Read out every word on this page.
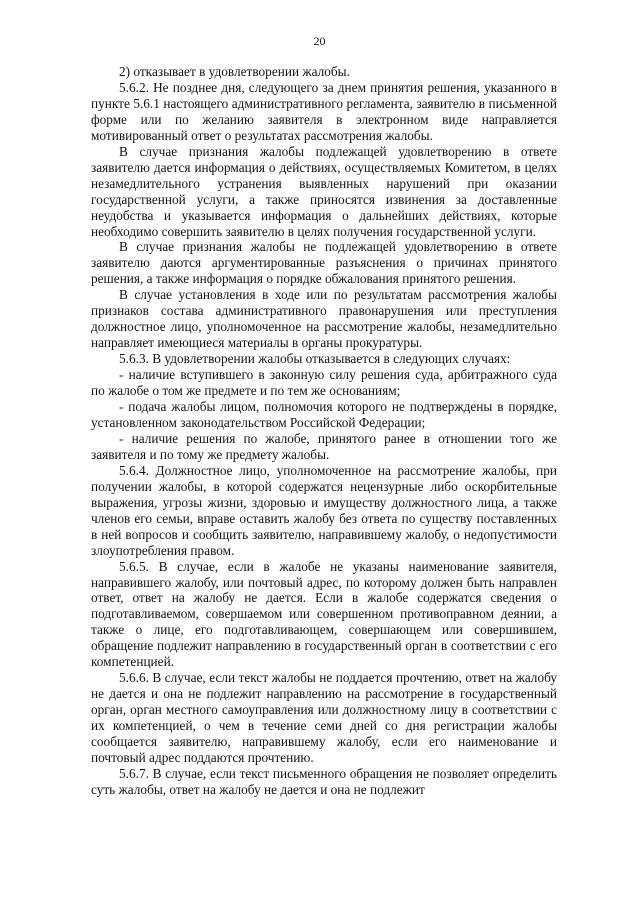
20

2) отказывает в удовлетворении жалобы.

5.6.2. Не позднее дня, следующего за днем принятия решения, указанного в пункте 5.6.1 настоящего административного регламента, заявителю в письменной форме или по желанию заявителя в электронном виде направляется мотивированный ответ о результатах рассмотрения жалобы.

В случае признания жалобы подлежащей удовлетворению в ответе заявителю дается информация о действиях, осуществляемых Комитетом, в целях незамедлительного устранения выявленных нарушений при оказании государственной услуги, а также приносятся извинения за доставленные неудобства и указывается информация о дальнейших действиях, которые необходимо совершить заявителю в целях получения государственной услуги.

В случае признания жалобы не подлежащей удовлетворению в ответе заявителю даются аргументированные разъяснения о причинах принятого решения, а также информация о порядке обжалования принятого решения.

В случае установления в ходе или по результатам рассмотрения жалобы признаков состава административного правонарушения или преступления должностное лицо, уполномоченное на рассмотрение жалобы, незамедлительно направляет имеющиеся материалы в органы прокуратуры.

5.6.3. В удовлетворении жалобы отказывается в следующих случаях:

- наличие вступившего в законную силу решения суда, арбитражного суда по жалобе о том же предмете и по тем же основаниям;

- подача жалобы лицом, полномочия которого не подтверждены в порядке, установленном законодательством Российской Федерации;

- наличие решения по жалобе, принятого ранее в отношении того же заявителя и по тому же предмету жалобы.

5.6.4. Должностное лицо, уполномоченное на рассмотрение жалобы, при получении жалобы, в которой содержатся нецензурные либо оскорбительные выражения, угрозы жизни, здоровью и имуществу должностного лица, а также членов его семьи, вправе оставить жалобу без ответа по существу поставленных в ней вопросов и сообщить заявителю, направившему жалобу, о недопустимости злоупотребления правом.

5.6.5. В случае, если в жалобе не указаны наименование заявителя, направившего жалобу, или почтовый адрес, по которому должен быть направлен ответ, ответ на жалобу не дается. Если в жалобе содержатся сведения о подготавливаемом, совершаемом или совершенном противоправном деянии, а также о лице, его подготавливающем, совершающем или совершившем, обращение подлежит направлению в государственный орган в соответствии с его компетенцией.

5.6.6. В случае, если текст жалобы не поддается прочтению, ответ на жалобу не дается и она не подлежит направлению на рассмотрение в государственный орган, орган местного самоуправления или должностному лицу в соответствии с их компетенцией, о чем в течение семи дней со дня регистрации жалобы сообщается заявителю, направившему жалобу, если его наименование и почтовый адрес поддаются прочтению.

5.6.7. В случае, если текст письменного обращения не позволяет определить суть жалобы, ответ на жалобу не дается и она не подлежит
